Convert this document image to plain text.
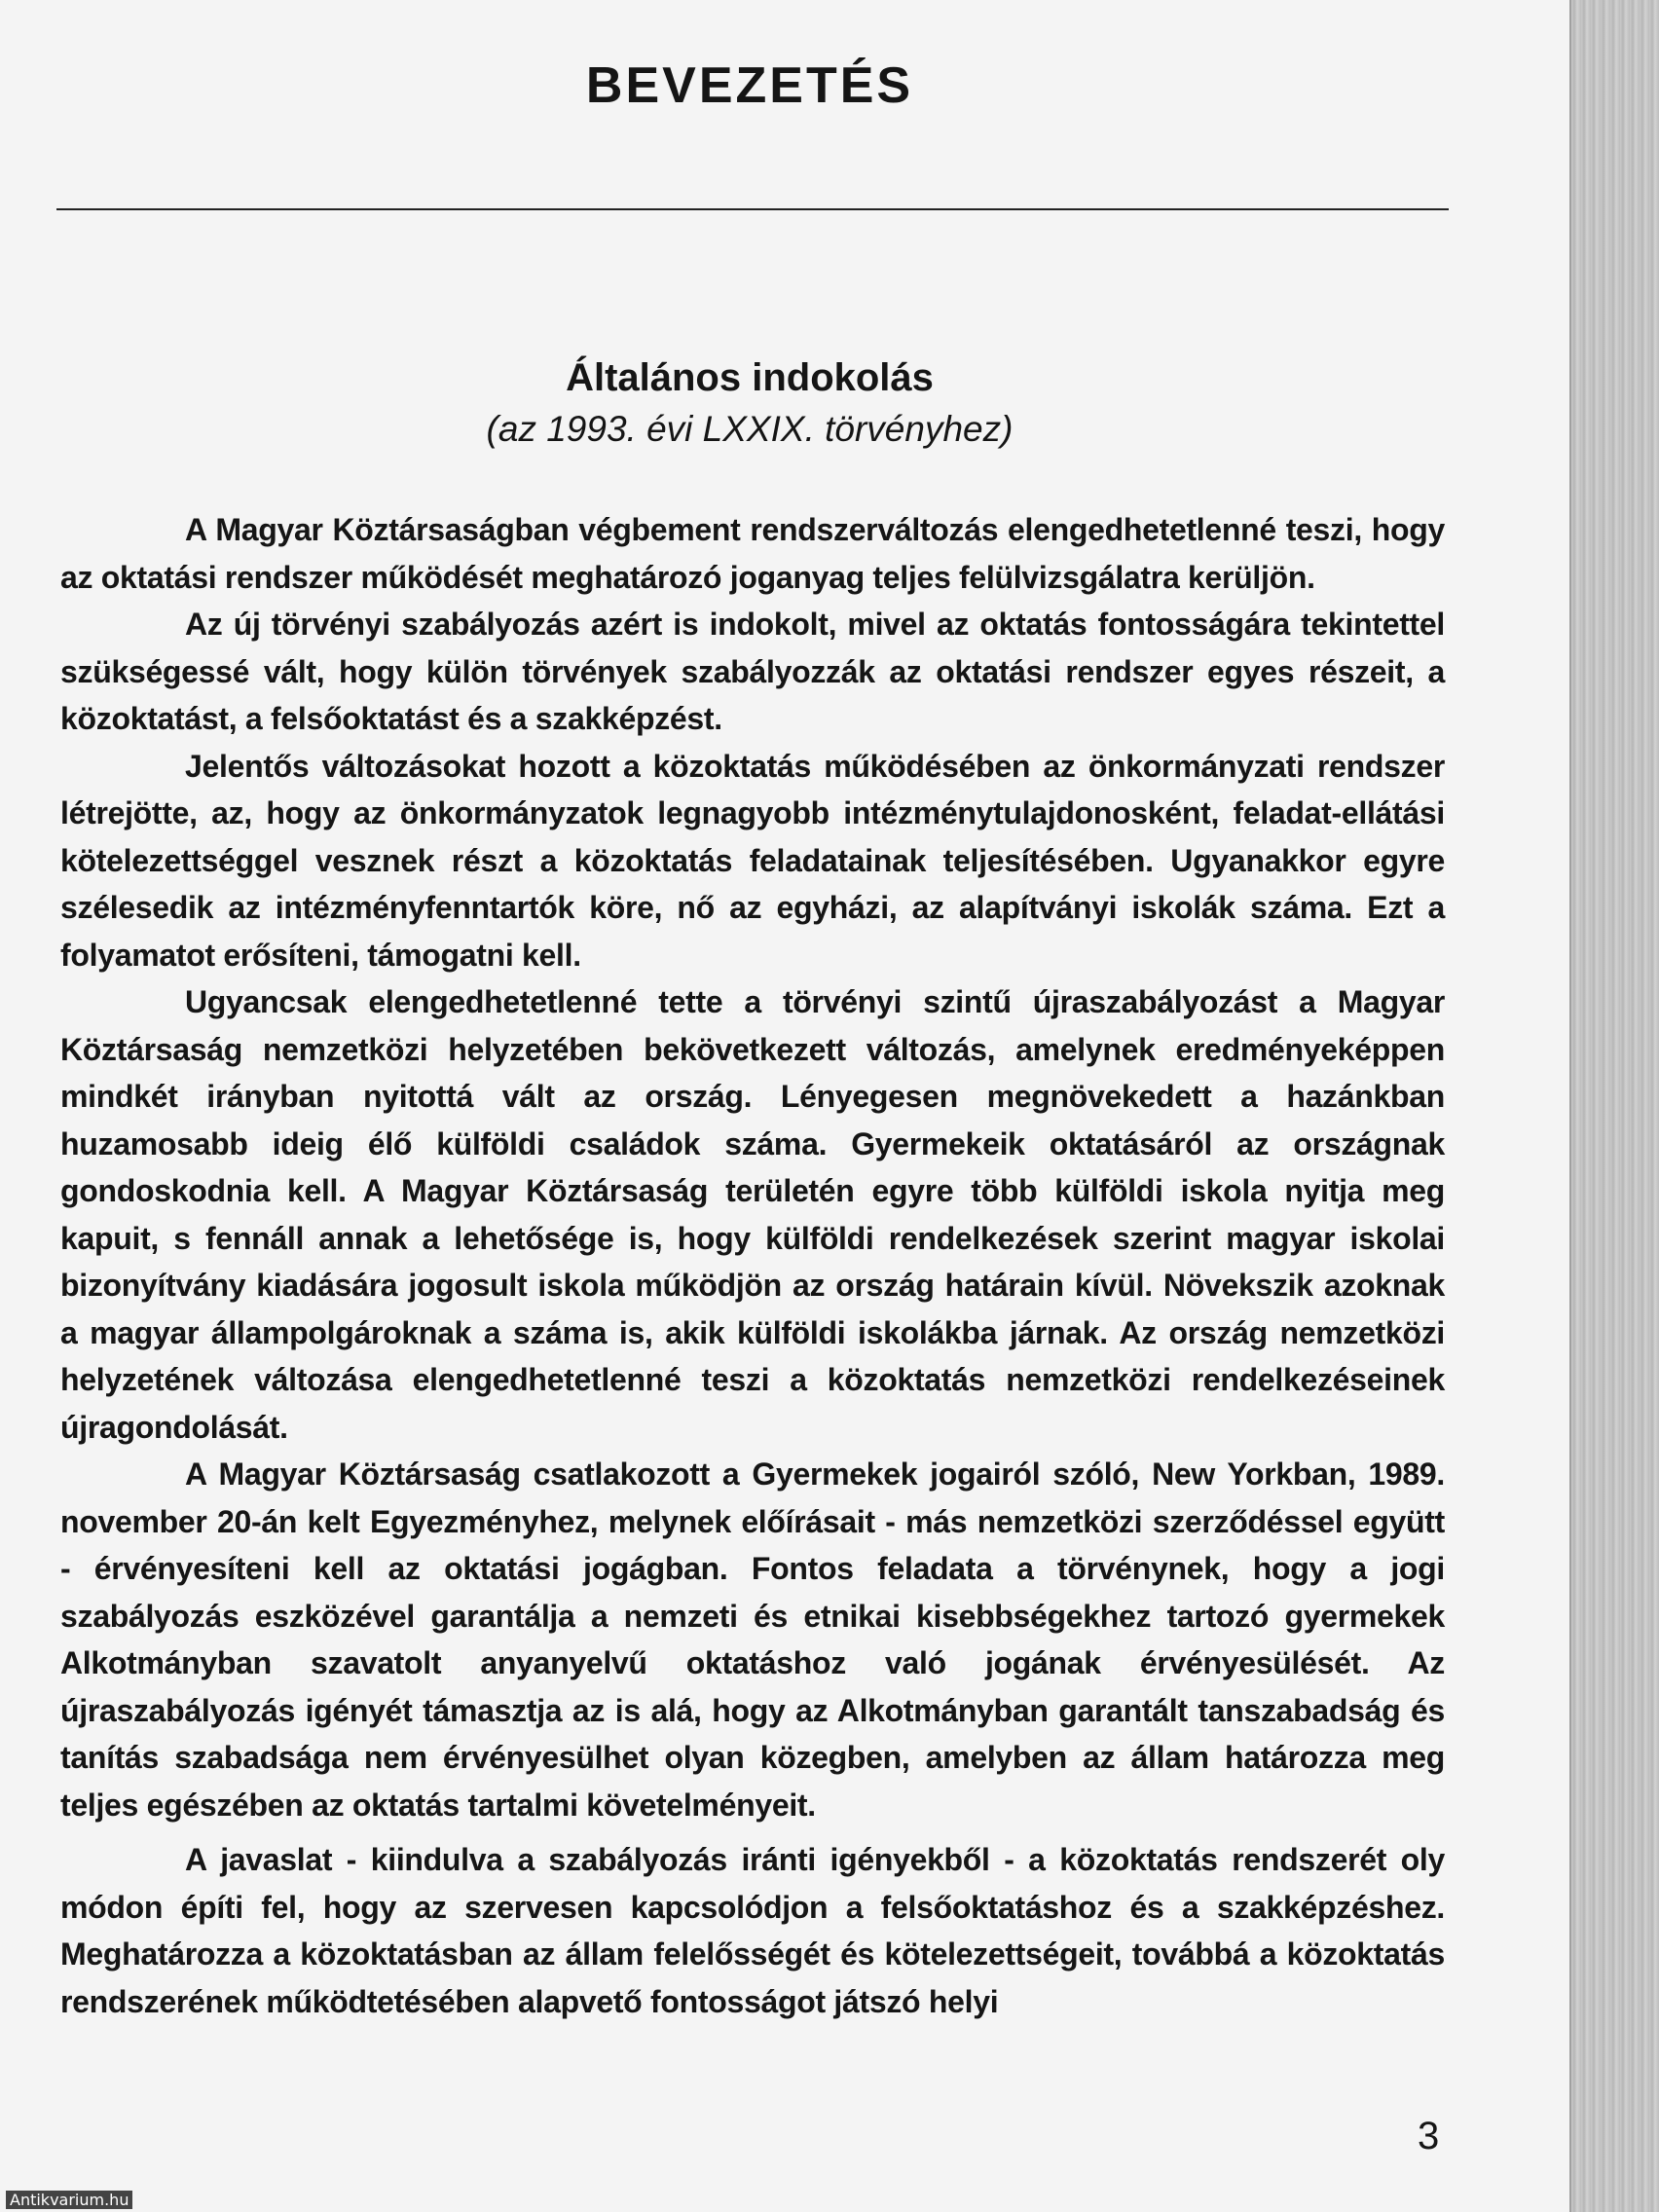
BEVEZETÉS
Általános indokolás

(az 1993. évi LXXIX. törvényhez)

A Magyar Köztársaságban végbement rendszerváltozás elengedhetetlenné teszi, hogy az oktatási rendszer működését meghatározó joganyag teljes felülvizsgálatra kerüljön.

Az új törvényi szabályozás azért is indokolt, mivel az oktatás fontosságára tekintettel szükségessé vált, hogy külön törvények szabályozzák az oktatási rendszer egyes részeit, a közoktatást, a felsőoktatást és a szakképzést.

Jelentős változásokat hozott a közoktatás működésében az önkormányzati rendszer létrejötte, az, hogy az önkormányzatok legnagyobb intézménytulajdonosként, feladat-ellátási kötelezettséggel vesznek részt a közoktatás feladatainak teljesítésében. Ugyanakkor egyre szélesedik az intézményfenntartók köre, nő az egyházi, az alapítványi iskolák száma. Ezt a folyamatot erősíteni, támogatni kell.

Ugyancsak elengedhetetlenné tette a törvényi szintű újraszabályozást a Magyar Köztársaság nemzetközi helyzetében bekövetkezett változás, amelynek eredményeképpen mindkét irányban nyitottá vált az ország. Lényegesen megnövekedett a hazánkban huzamosabb ideig élő külföldi családok száma. Gyermekeik oktatásáról az országnak gondoskodnia kell. A Magyar Köztársaság területén egyre több külföldi iskola nyitja meg kapuit, s fennáll annak a lehetősége is, hogy külföldi rendelkezések szerint magyar iskolai bizonyítvány kiadására jogosult iskola működjön az ország határain kívül. Növekszik azoknak a magyar állampolgároknak a száma is, akik külföldi iskolákba járnak. Az ország nemzetközi helyzetének változása elengedhetetlenné teszi a közoktatás nemzetközi rendelkezéseinek újragondolását.

A Magyar Köztársaság csatlakozott a Gyermekek jogairól szóló, New Yorkban, 1989. november 20-án kelt Egyezményhez, melynek előírásait - más nemzetközi szerződéssel együtt - érvényesíteni kell az oktatási jogágban. Fontos feladata a törvénynek, hogy a jogi szabályozás eszközével garantálja a nemzeti és etnikai kisebbségekhez tartozó gyermekek Alkotmányban szavatolt anyanyelvű oktatáshoz való jogának érvényesülését. Az újraszabályozás igényét támasztja az is alá, hogy az Alkotmányban garantált tanszabadság és tanítás szabadsága nem érvényesülhet olyan közegben, amelyben az állam határozza meg teljes egészében az oktatás tartalmi követelményeit.

A javaslat - kiindulva a szabályozás iránti igényekből - a közoktatás rendszerét oly módon építi fel, hogy az szervesen kapcsolódjon a felsőoktatáshoz és a szakképzéshez. Meghatározza a közoktatásban az állam felelősségét és kötelezettségeit, továbbá a közoktatás rendszerének működtetésében alapvető fontosságot játszó helyi

3

Antikvarium.hu
